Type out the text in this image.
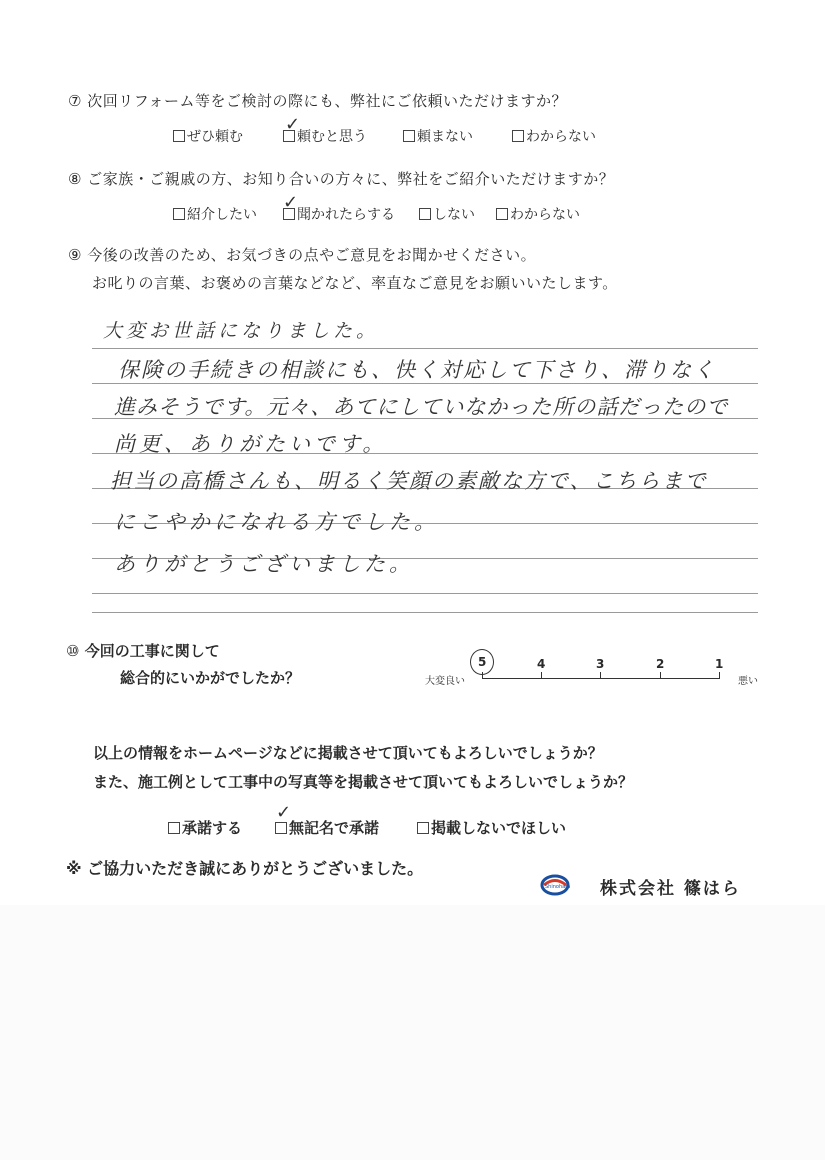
⑦ 次回リフォーム等をご検討の際にも、弊社にご依頼いただけますか？
ぜひ頼む	頼むと思う
✓
頼まない	わからない
⑧ ご家族・ご親戚の方、お知り合いの方々に、弊社をご紹介いただけますか？
紹介したい	聞かれたらする
✓
しない	わからない
⑨ 今後の改善のため、お気づきの点やご意見をお聞かせください。
お叱りの言葉、お褒めの言葉などなど、率直なご意見をお願いいたします。
大変お世話になりました。
保険の手続きの相談にも、快く対応して下さり、滞りなく
進みそうです。元々、あてにしていなかった所の話だったので
尚更、ありがたいです。
担当の高橋さんも、明るく笑顔の素敵な方で、こちらまで
にこやかになれる方でした。
ありがとうございました。
⑩ 今回の工事に関して
総合的にいかがでしたか？	大変良い	悪い
5	4	3	2	1
以上の情報をホームページなどに掲載させて頂いてもよろしいでしょうか？
また、施工例として工事中の写真等を掲載させて頂いてもよろしいでしょうか？
承諾する	無記名で承諾
✓
掲載しないでほしい
※ ご協力いただき誠にありがとうございました。
Shinohara 株式会社 篠はら
